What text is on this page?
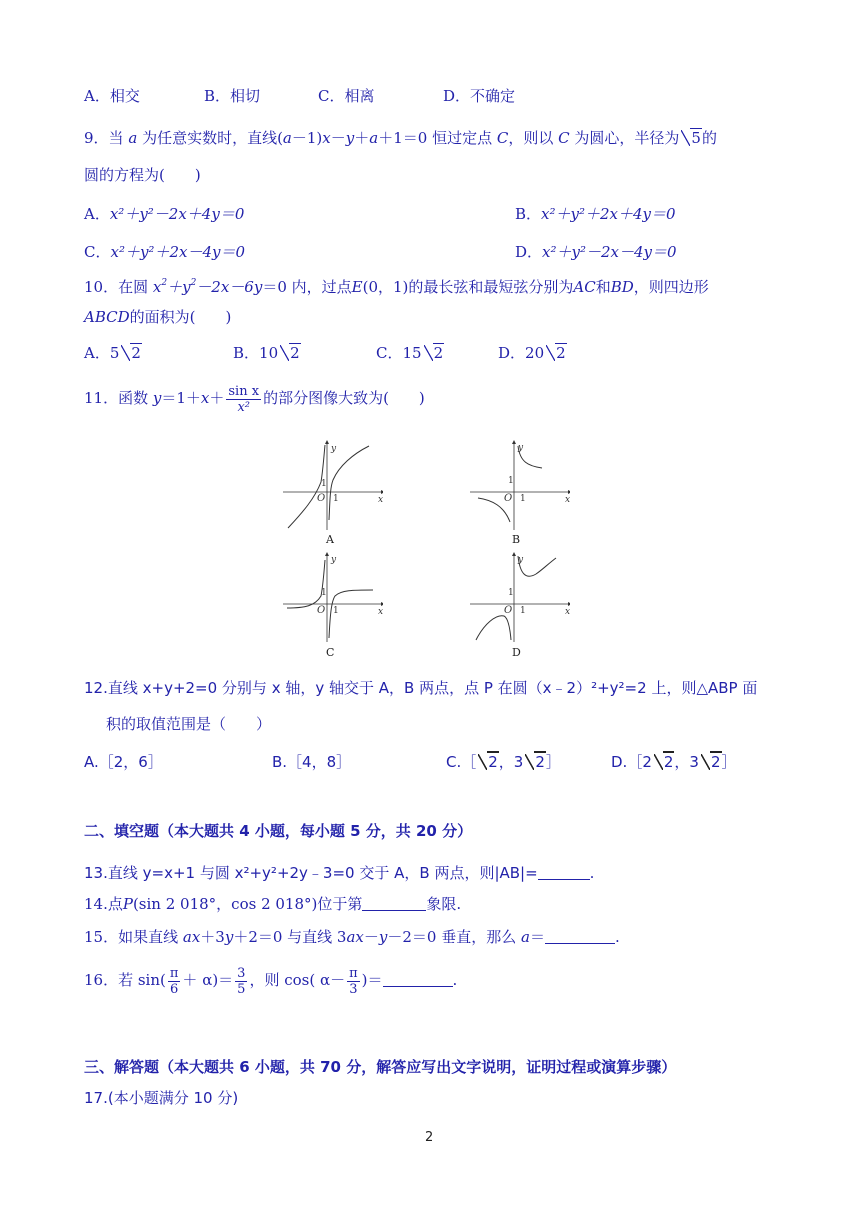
A．相交	B．相切	C．相离	D．不确定
9．当 a 为任意实数时，直线(a－1)x－y＋a＋1＝0 恒过定点 C，则以 C 为圆心，半径为 5的
圆的方程为(　　)
A．x²＋y²－2x＋4y＝0	B．x²＋y²＋2x＋4y＝0
C．x²＋y²＋2x－4y＝0	D．x²＋y²－2x－4y＝0
10．在圆 $x^2+y^2-2x-6y=0$ 内，过点E(0，1)的最长弦和最短弦分别为AC和BD，则四边形
ABCD的面积为(　　)
A．5 2	B．10 2	C．15 2	D．20 2
11．函数 $y=1+x+ \frac{\text{sin x}}{\text{x²}}$ 的部分图像大致为(　　)
y
x
O
1
1
A
y
x
O
1
1
B
y
x
O
1
1
C
y
x
O
1
1
D
12.直线 x+y+2=0 分别与 x 轴，y 轴交于 A，B 两点，点 P 在圆（x﹣2）²+y²=2 上，则△ABP 面
积的取值范围是（　　）
A.［2，6］	B.［4，8］	C.［ 2，3 2］	D.［2 2，3 2］
二、填空题（本大题共 4 小题，每小题 5 分，共 20 分）
13.直线 y=x+1 与圆 x²+y²+2y﹣3=0 交于 A，B 两点，则|AB|=	.
14.点P(sin 2 018°，cos 2 018°)位于第	象限.
15．如果直线 ax＋3y＋2＝0 与直线 3ax－y－2＝0 垂直，那么 a＝	.
16．若 $\sin( \frac{\pi}{6} + \alpha)= \frac{3}{5}$ ，则 cos( $\alpha- \frac{\pi}{3}$ )＝	.
三、解答题（本大题共 6 小题，共 70 分，解答应写出文字说明，证明过程或演算步骤）
17.(本小题满分 10 分)
2
